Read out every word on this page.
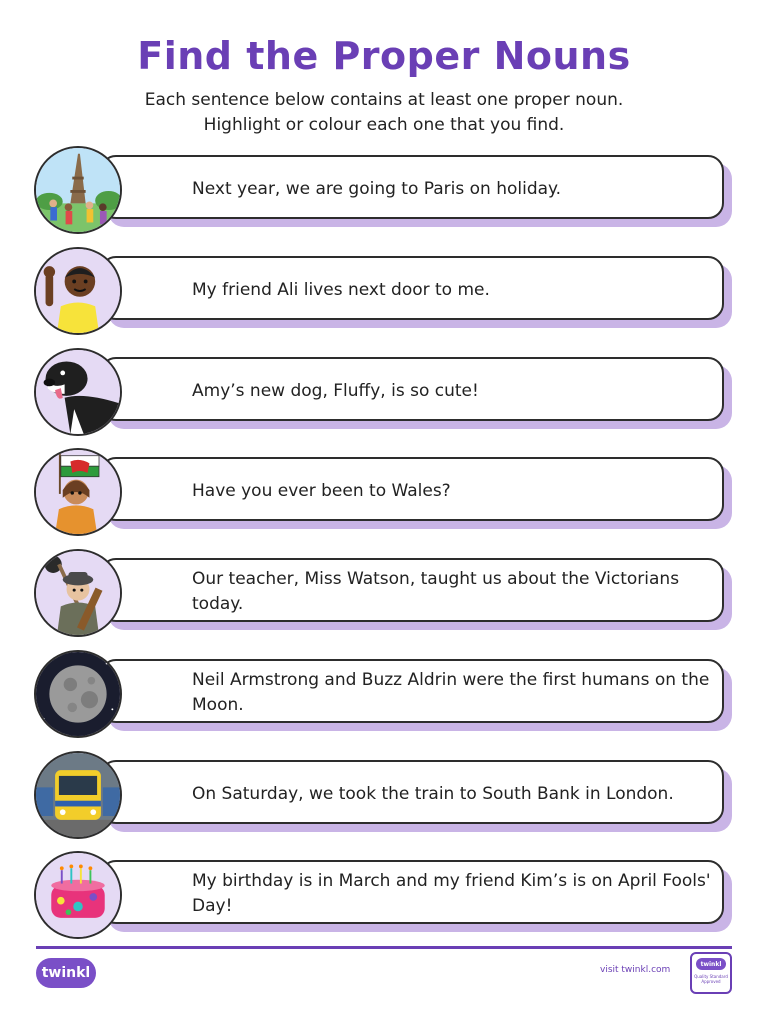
Find the Proper Nouns
Each sentence below contains at least one proper noun.
Highlight or colour each one that you find.
Next year, we are going to Paris on holiday.
My friend Ali lives next door to me.
Amy’s new dog, Fluffy, is so cute!
Have you ever been to Wales?
Our teacher, Miss Watson, taught us about the Victorians today.
Neil Armstrong and Buzz Aldrin were the first humans on the Moon.
On Saturday, we took the train to South Bank in London.
My birthday is in March and my friend Kim’s is on April Fools' Day!
twinkl	visit twinkl.com
twinkl
Quality Standard Approved
